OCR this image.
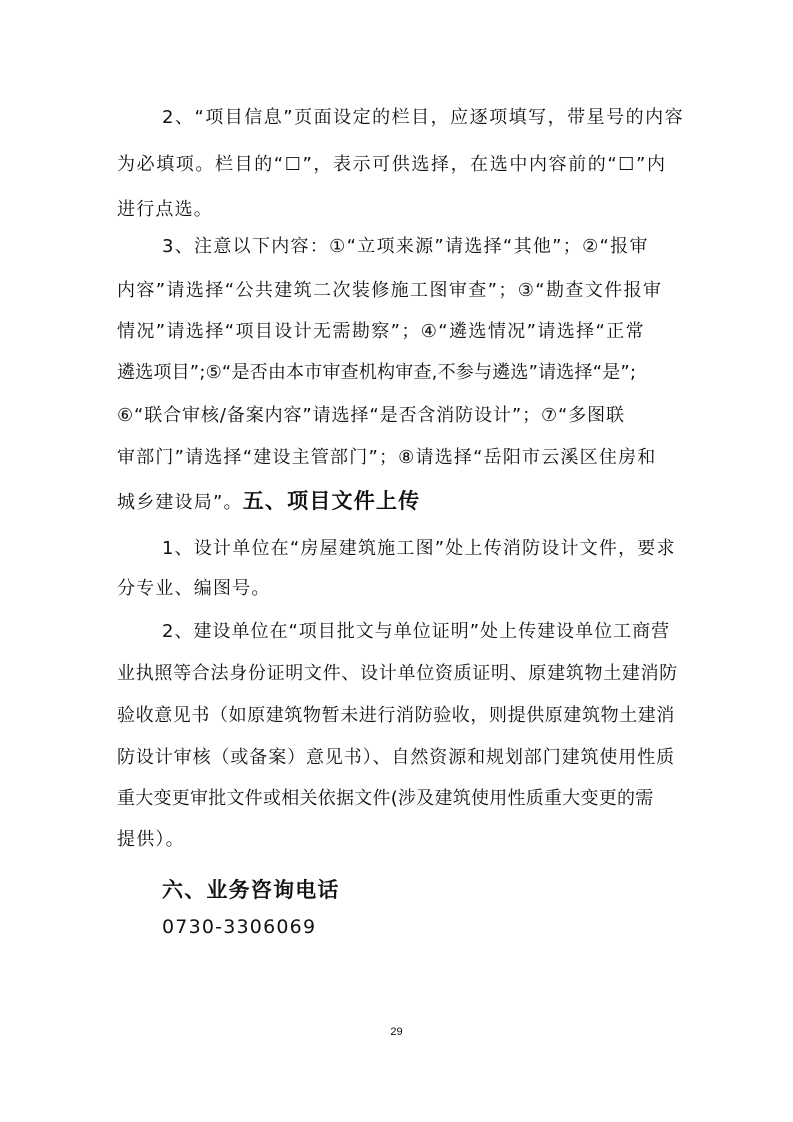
2、“项目信息”页面设定的栏目，应逐项填写，带星号的内容
为必填项。栏目的“☐”，表示可供选择，在选中内容前的“☐”内
进行点选。
3、注意以下内容：①“立项来源”请选择“其他”；②“报审
内容”请选择“公共建筑二次装修施工图审查”；③“勘查文件报审
情况”请选择“项目设计无需勘察”；④“遴选情况”请选择“正常
遴选项目”;⑤“是否由本市审查机构审查,不参与遴选”请选择“是”;
⑥“联合审核/备案内容”请选择“是否含消防设计”；⑦“多图联
审部门”请选择“建设主管部门”；⑧请选择“岳阳市云溪区住房和
城乡建设局”。五、项目文件上传
1、设计单位在“房屋建筑施工图”处上传消防设计文件，要求
分专业、编图号。
2、建设单位在“项目批文与单位证明”处上传建设单位工商营
业执照等合法身份证明文件、设计单位资质证明、原建筑物土建消防
验收意见书（如原建筑物暂未进行消防验收，则提供原建筑物土建消
防设计审核（或备案）意见书）、自然资源和规划部门建筑使用性质
重大变更审批文件或相关依据文件(涉及建筑使用性质重大变更的需
提供）。
六、业务咨询电话
0730-3306069
29
